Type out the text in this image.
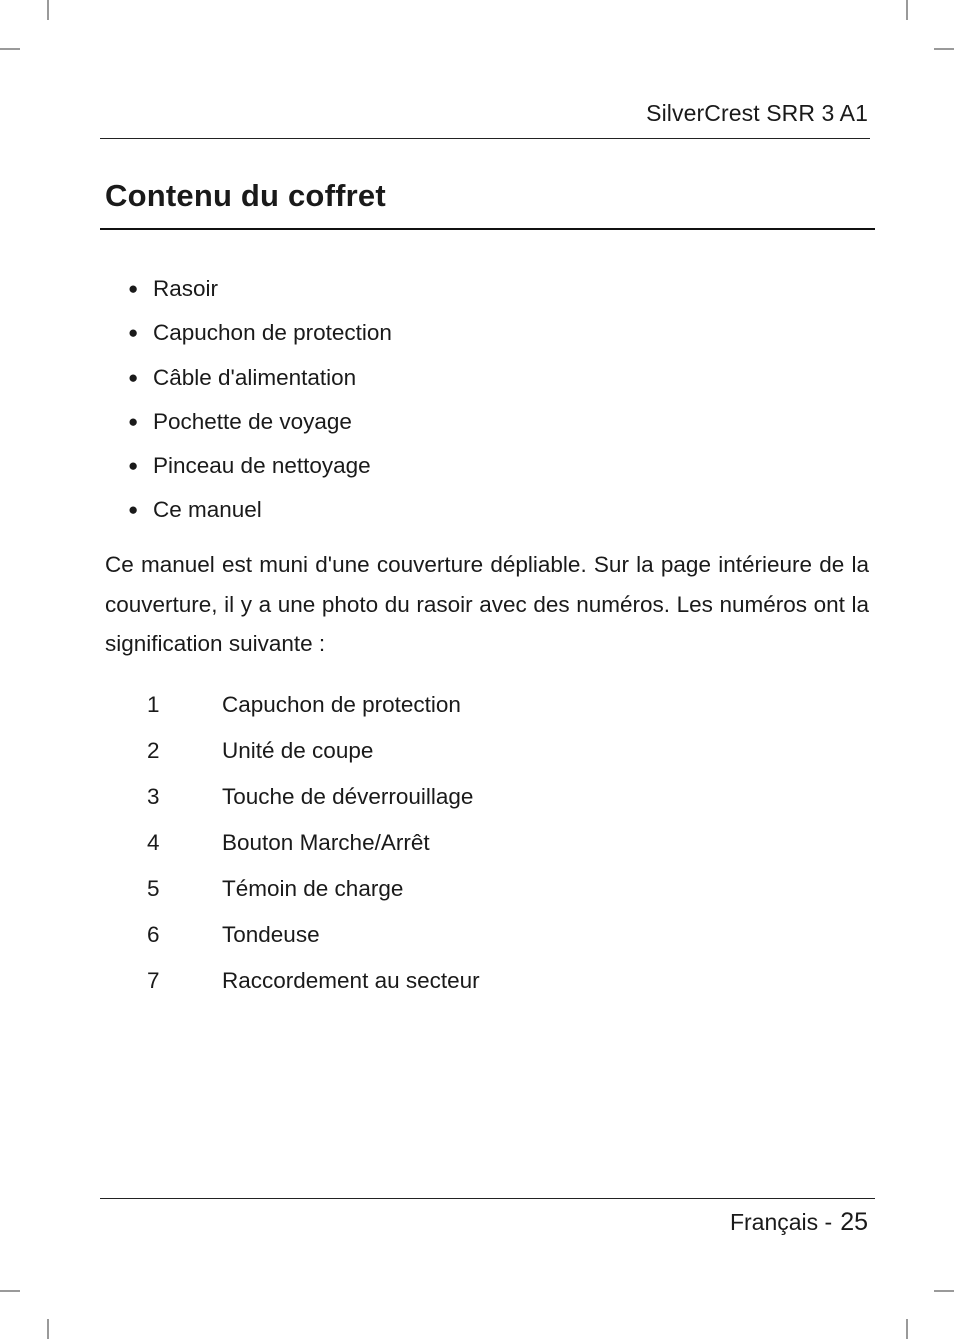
SilverCrest SRR 3 A1
Contenu du coffret
● Rasoir
● Capuchon de protection
● Câble d'alimentation
● Pochette de voyage
● Pinceau de nettoyage
● Ce manuel

Ce manuel est muni d'une couverture dépliable. Sur la page intérieure de la couverture, il y a une photo du rasoir avec des numéros. Les numéros ont la signification suivante :

1	Capuchon de protection
2	Unité de coupe
3	Touche de déverrouillage
4	Bouton Marche/Arrêt
5	Témoin de charge
6	Tondeuse
7	Raccordement au secteur
Français - 25
